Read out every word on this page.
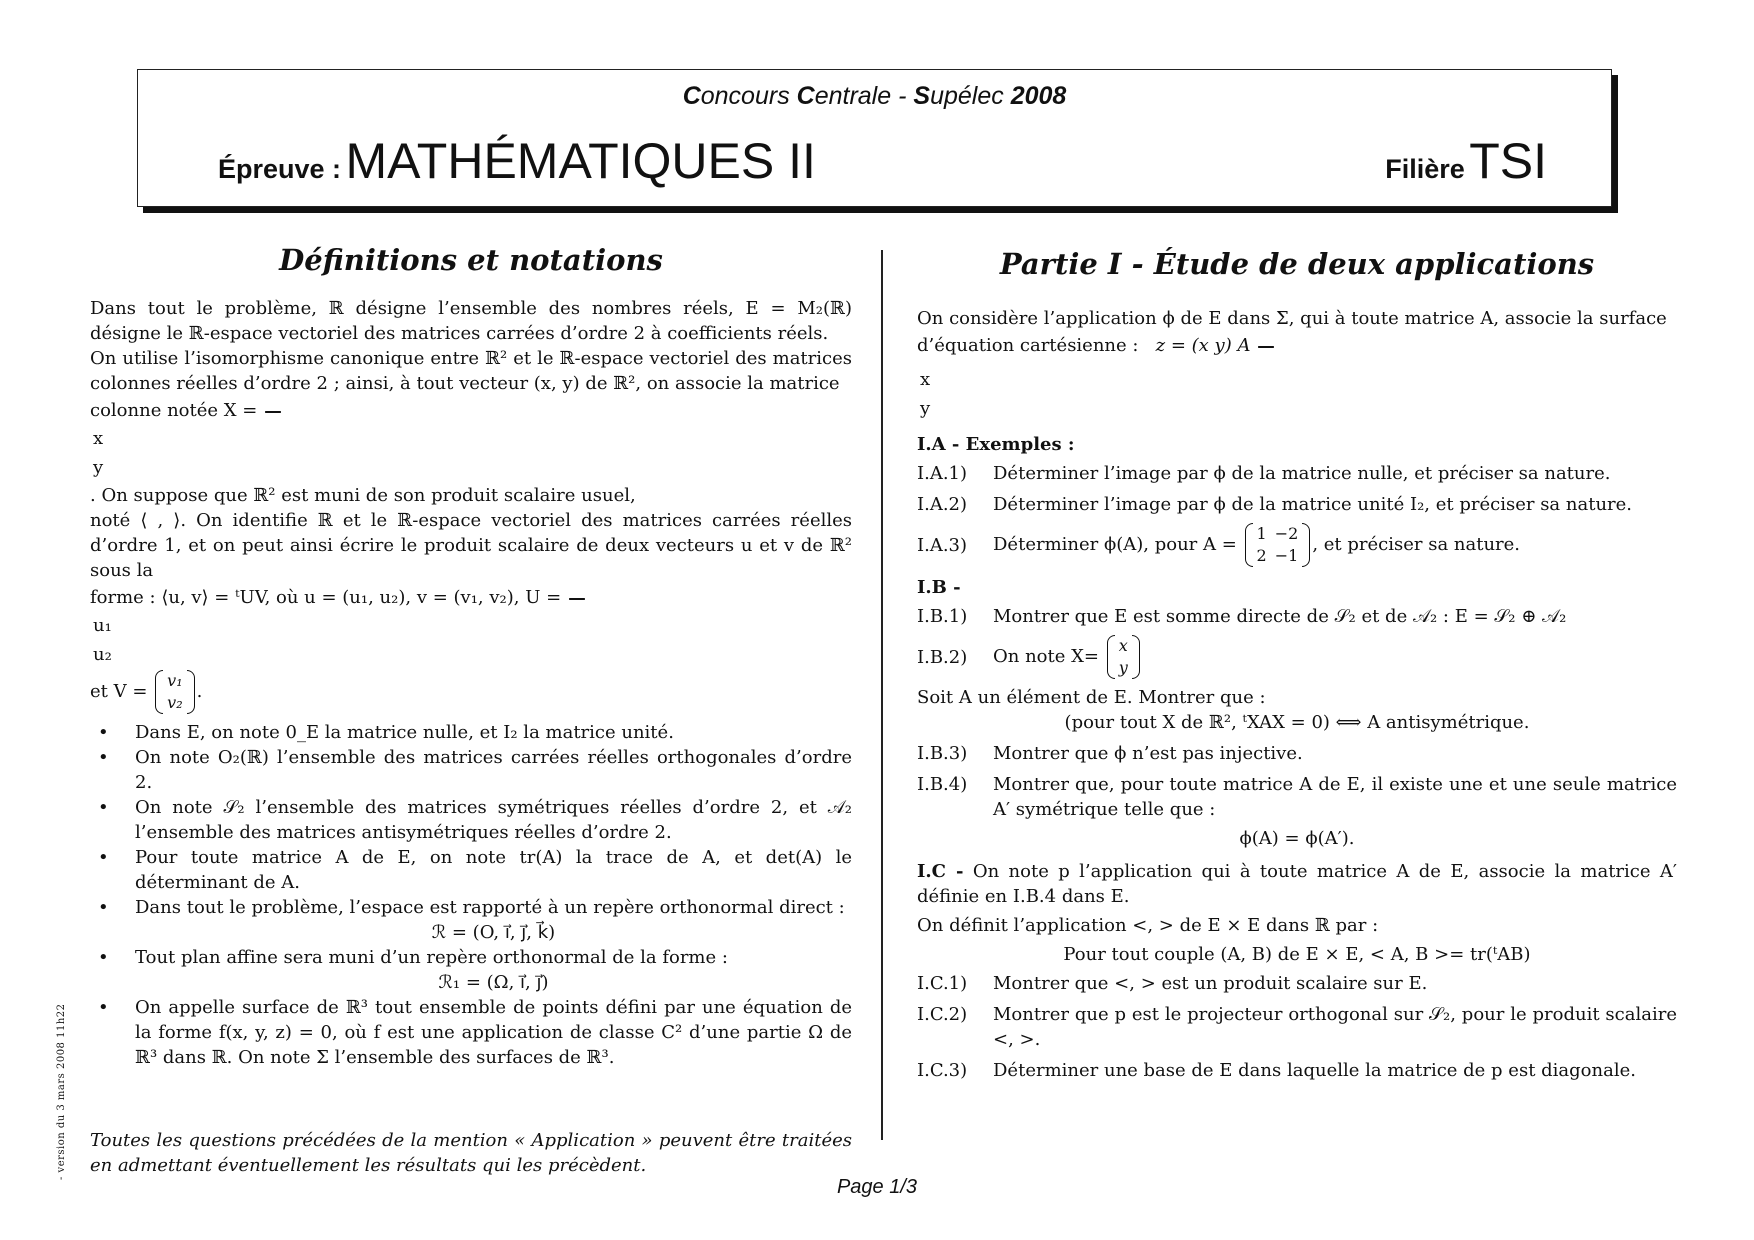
Concours Centrale - Supélec 2008
Épreuve : MATHÉMATIQUES II	Filière TSI
Définitions et notations

Dans tout le problème, ℝ désigne l’ensemble des nombres réels, E = M₂(ℝ) désigne le ℝ-espace vectoriel des matrices carrées d’ordre 2 à coefficients réels.

On utilise l’isomorphisme canonique entre ℝ² et le ℝ-espace vectoriel des matrices colonnes réelles d’ordre 2 ; ainsi, à tout vecteur (x, y) de ℝ², on associe la matrice

colonne notée X =

x
y
. On suppose que ℝ² est muni de son produit scalaire usuel,

noté ⟨ , ⟩. On identifie ℝ et le ℝ-espace vectoriel des matrices carrées réelles d’ordre 1, et on peut ainsi écrire le produit scalaire de deux vecteurs u et v de ℝ² sous la

forme : ⟨u, v⟩ = ᵗUV, où u = (u₁, u₂), v = (v₁, v₂), U =

u₁
u₂
et V =
v₁
v₂
.

• Dans E, on note 0_E la matrice nulle, et I₂ la matrice unité.
• On note O₂(ℝ) l’ensemble des matrices carrées réelles orthogonales d’ordre 2.
• On note 𝒮₂ l’ensemble des matrices symétriques réelles d’ordre 2, et 𝒜₂ l’ensemble des matrices antisymétriques réelles d’ordre 2.
• Pour toute matrice A de E, on note tr(A) la trace de A, et det(A) le déterminant de A.
• Dans tout le problème, l’espace est rapporté à un repère orthonormal direct :
ℛ = (O, i⃗, j⃗, k⃗)
• Tout plan affine sera muni d’un repère orthonormal de la forme :
ℛ₁ = (Ω, i⃗, j⃗)
• On appelle surface de ℝ³ tout ensemble de points défini par une équation de la forme f(x, y, z) = 0, où f est une application de classe C² d’une partie Ω de ℝ³ dans ℝ. On note Σ l’ensemble des surfaces de ℝ³.

Toutes les questions précédées de la mention « Application » peuvent être traitées en admettant éventuellement les résultats qui les précèdent.

Partie I - Étude de deux applications

On considère l’application ϕ de E dans Σ, qui à toute matrice A, associe la surface

d’équation cartésienne : z = (x y) A

x
y

I.A - Exemples :
I.A.1)	Déterminer l’image par ϕ de la matrice nulle, et préciser sa nature.
I.A.2)	Déterminer l’image par ϕ de la matrice unité I₂, et préciser sa nature.
I.A.3)	Déterminer ϕ(A), pour A =
1	−2
2	−1
, et préciser sa nature.
I.B -
I.B.1)	Montrer que E est somme directe de 𝒮₂ et de 𝒜₂ : E = 𝒮₂ ⊕ 𝒜₂
I.B.2)	On note X=
x
y

Soit A un élément de E. Montrer que :

(pour tout X de ℝ², ᵗXAX = 0) ⟺ A antisymétrique.

I.B.3)	Montrer que ϕ n’est pas injective.
I.B.4)	Montrer que, pour toute matrice A de E, il existe une et une seule matrice A′ symétrique telle que :

ϕ(A) = ϕ(A′).

I.C - On note p l’application qui à toute matrice A de E, associe la matrice A′ définie en I.B.4 dans E.

On définit l’application <, > de E × E dans ℝ par :

Pour tout couple (A, B) de E × E, < A, B >= tr(ᵗAB)

I.C.1)	Montrer que <, > est un produit scalaire sur E.
I.C.2)	Montrer que p est le projecteur orthogonal sur 𝒮₂, pour le produit scalaire <, >.
I.C.3)	Déterminer une base de E dans laquelle la matrice de p est diagonale.
- version du 3 mars 2008 11h22
Page 1/3
